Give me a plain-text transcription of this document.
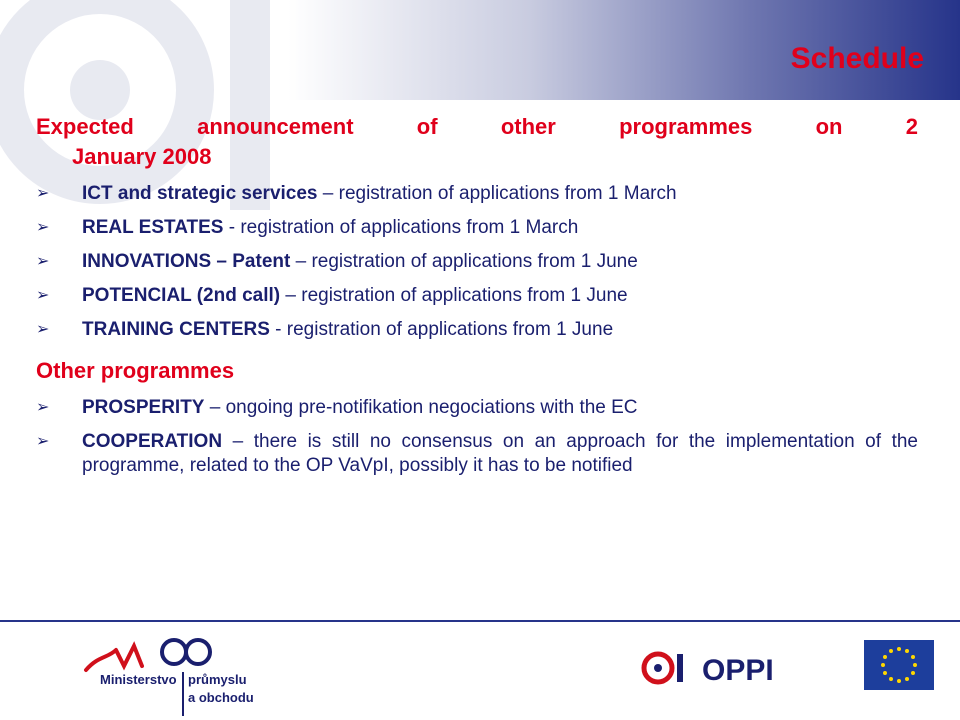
Schedule
Expected announcement of other programmes on 2
January 2008
➢ ICT and strategic services – registration of applications from 1 March
➢ REAL ESTATES - registration of applications from 1 March
➢ INNOVATIONS – Patent – registration of applications from 1 June
➢ POTENCIAL (2nd call) – registration of applications from 1 June
➢ TRAINING CENTERS - registration of applications from 1 June
Other programmes
➢ PROSPERITY – ongoing pre-notifikation negociations with the EC
➢ COOPERATION – there is still no consensus on an approach for the implementation of the programme, related to the OP VaVpI, possibly it has to be notified
Ministerstvo průmyslu
a obchodu
OPPI
